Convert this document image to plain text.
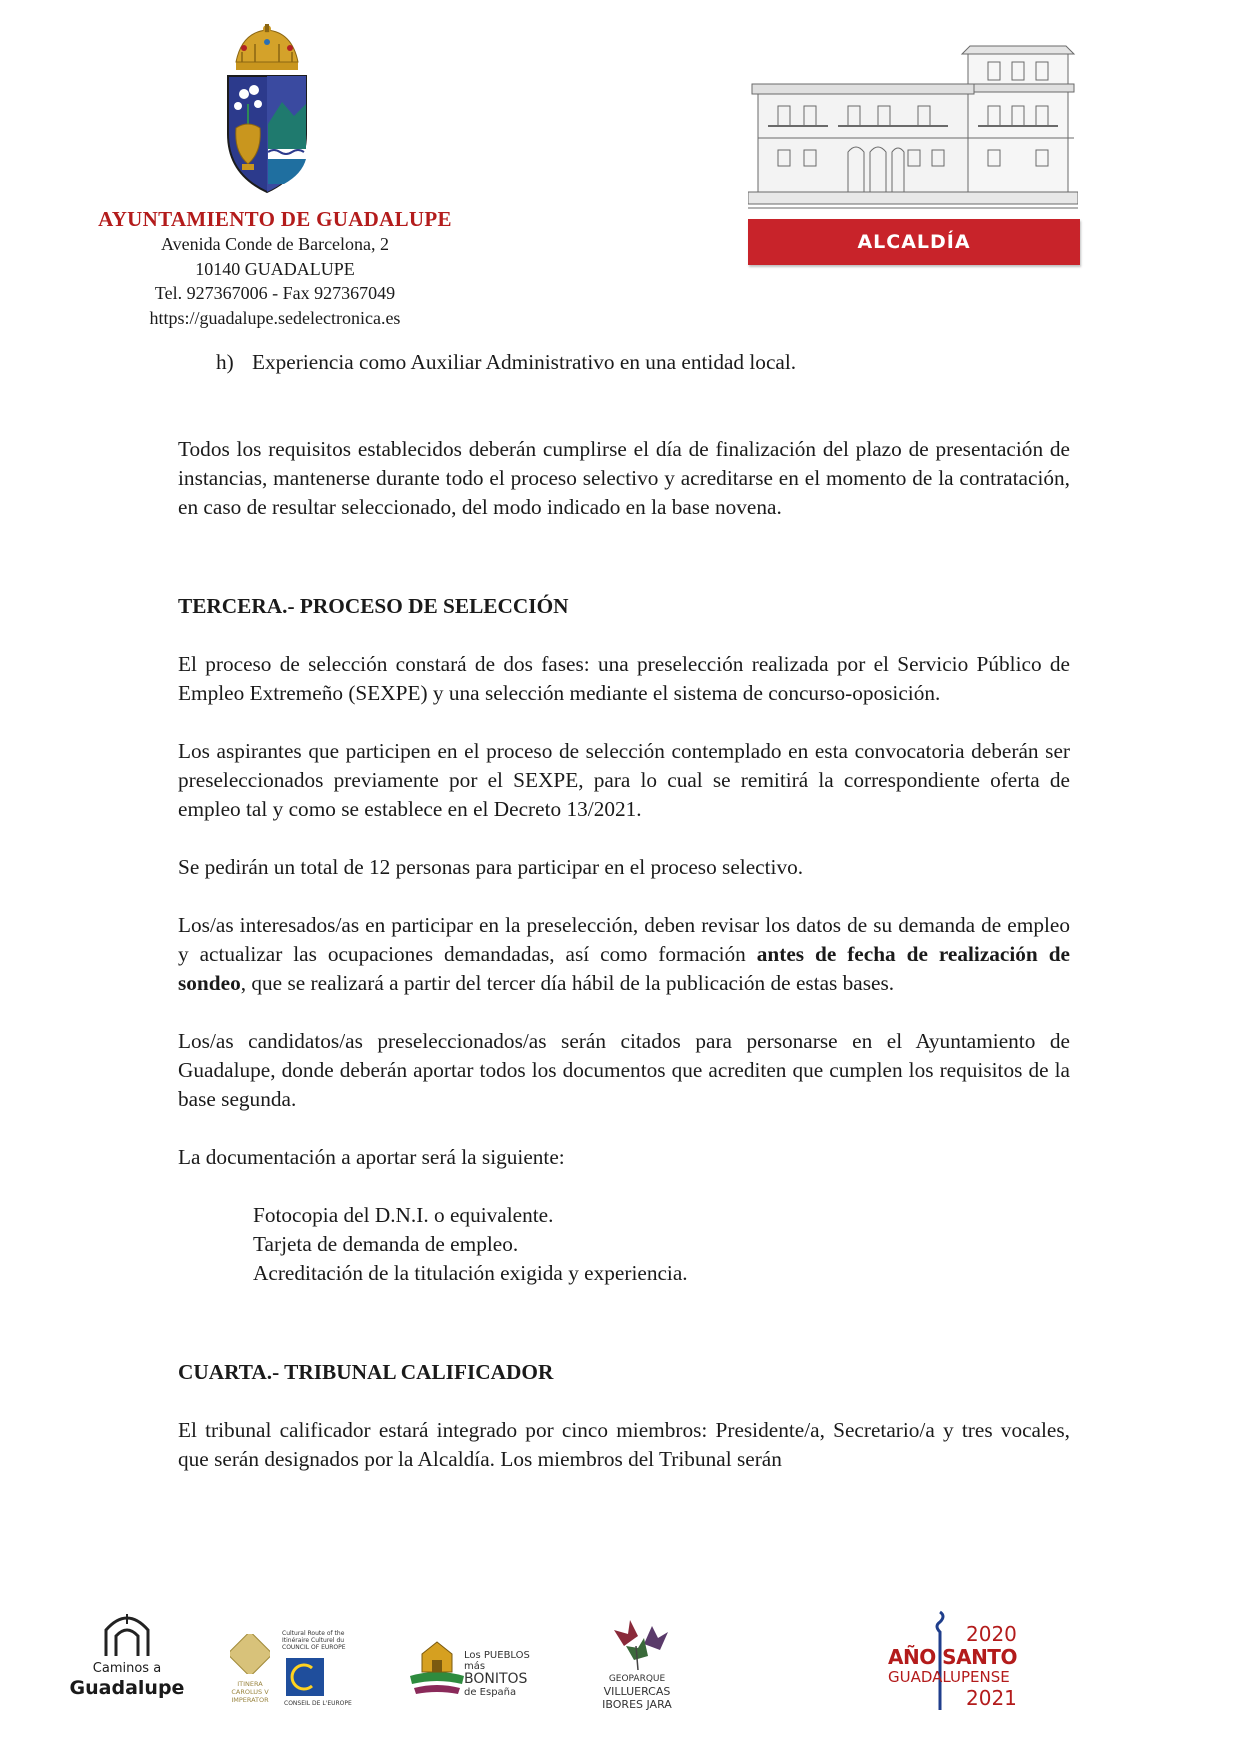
AYUNTAMIENTO DE GUADALUPE
Avenida Conde de Barcelona, 2
10140 GUADALUPE
Tel. 927367006 - Fax 927367049
https://guadalupe.sedelectronica.es
ALCALDÍA

h) Experiencia como Auxiliar Administrativo en una entidad local.

Todos los requisitos establecidos deberán cumplirse el día de finalización del plazo de presentación de instancias, mantenerse durante todo el proceso selectivo y acreditarse en el momento de la contratación, en caso de resultar seleccionado, del modo indicado en la base novena.

TERCERA.- PROCESO DE SELECCIÓN

El proceso de selección constará de dos fases: una preselección realizada por el Servicio Público de Empleo Extremeño (SEXPE) y una selección mediante el sistema de concurso-oposición.

Los aspirantes que participen en el proceso de selección contemplado en esta convocatoria deberán ser preseleccionados previamente por el SEXPE, para lo cual se remitirá la correspondiente oferta de empleo tal y como se establece en el Decreto 13/2021.

Se pedirán un total de 12 personas para participar en el proceso selectivo.

Los/as interesados/as en participar en la preselección, deben revisar los datos de su demanda de empleo y actualizar las ocupaciones demandadas, así como formación antes de fecha de realización de sondeo, que se realizará a partir del tercer día hábil de la publicación de estas bases.

Los/as candidatos/as preseleccionados/as serán citados para personarse en el Ayuntamiento de Guadalupe, donde deberán aportar todos los documentos que acrediten que cumplen los requisitos de la base segunda.

La documentación a aportar será la siguiente:

Fotocopia del D.N.I. o equivalente.
Tarjeta de demanda de empleo.
Acreditación de la titulación exigida y experiencia.

CUARTA.- TRIBUNAL CALIFICADOR

El tribunal calificador estará integrado por cinco miembros: Presidente/a, Secretario/a y tres vocales, que serán designados por la Alcaldía. Los miembros del Tribunal serán

Caminos a
Guadalupe	ITINERA
CAROLUS V
IMPERATOR
Cultural Route of the
Itinéraire Culturel du
COUNCIL OF EUROPE
CONSEIL DE L'EUROPE
Los PUEBLOS más
BONITOS
de España
GEOPARQUE
VILLUERCAS
IBORES JARA
2020
AÑO SANTO
GUADALUPENSE
2021
